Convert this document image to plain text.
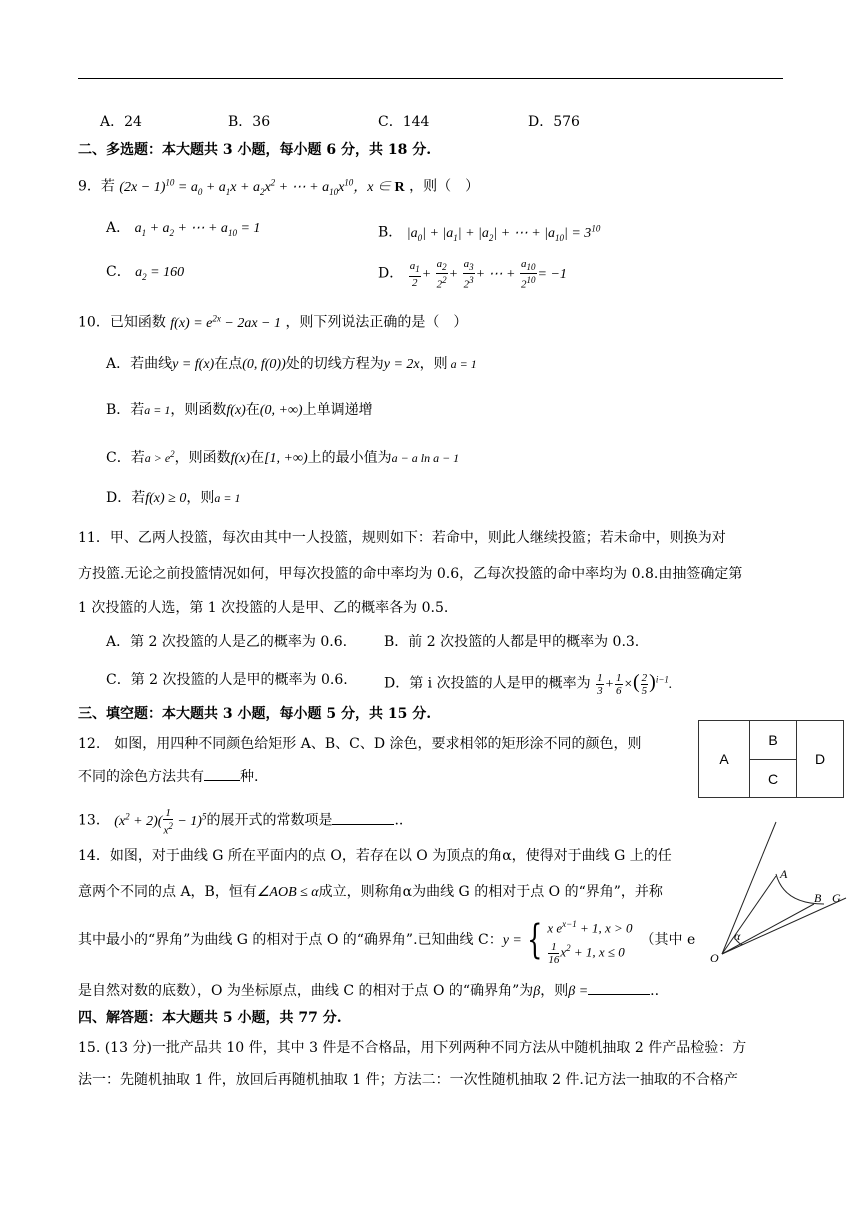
A．24	B．36	C．144	D．576
二、多选题：本大题共 3 小题，每小题 6 分，共 18 分.
9．若 $(2x - 1)^{10} = a_0 + a_1x + a_2x^2$ + ⋯ + $a_{10}x^{10}$，x ∈ R ，则（　）
A． $a_1 + a_2$ + ⋯ + $a_{10} = 1$	B． $|a_0| + |a_1| + |a_2|$ + ⋯ + $|a_{10}| = 3^{10}$
C． $a_2 = 160$	D． $\frac{a_1}{2} + \frac{a_2}{2^2} + \frac{a_3}{2^3}$ + ⋯ + $\frac{a_{10}}{2^{10}} = -1$
10．已知函数 $f(x) = e^{2x} - 2ax - 1$ ，则下列说法正确的是（　）
A．若曲线y = f(x)在点(0, f(0))处的切线方程为y = 2x，则 a = 1
B．若a = 1，则函数f(x)在(0, +∞)上单调递增
C．若$a > e^2$，则函数f(x)在[1, +∞)上的最小值为a − a ln a − 1
D．若f(x) ≥ 0，则a = 1
11．甲、乙两人投篮，每次由其中一人投篮，规则如下：若命中，则此人继续投篮；若未命中，则换为对
方投篮.无论之前投篮情况如何，甲每次投篮的命中率均为 0.6，乙每次投篮的命中率均为 0.8.由抽签确定第
1 次投篮的人选，第 1 次投篮的人是甲、乙的概率各为 0.5.
A．第 2 次投篮的人是乙的概率为 0.6.	B．前 2 次投篮的人都是甲的概率为 0.3.
C．第 2 次投篮的人是甲的概率为 0.6.	D．第 i 次投篮的人是甲的概率为 $\frac{1}{3} + \frac{1}{6}$ ×( $\frac{2}{5} )^{i-1}$.
三、填空题：本大题共 3 小题，每小题 5 分，共 15 分.
12.　如图，用四种不同颜色给矩形 A、B、C、D 涂色，要求相邻的矩形涂不同的颜色，则
不同的涂色方法共有	种.
A
B
C
D
13． $(x^2 + 2)( \frac{1}{x^2} - 1)^5$的展开式的常数项是	..
14．如图，对于曲线 G 所在平面内的点 O，若存在以 O 为顶点的角α，使得对于曲线 G 上的任
意两个不同的点 A，B，恒有∠AOB ≤ α成立，则称角α为曲线 G 的相对于点 O 的“界角”，并称
其中最小的“界角”为曲线 G 的相对于点 O 的“确界角”.已知曲线 C：y = { x $e^{x-1} + 1$, x > 0

$\frac{1}{16} x^2 + 1$, x ≤ 0（其中 e
是自然对数的底数），O 为坐标原点，曲线 C 的相对于点 O 的“确界角”为β，则β =	..
A
B G
α
O
四、解答题：本大题共 5 小题，共 77 分.
15. (13 分)一批产品共 10 件，其中 3 件是不合格品，用下列两种不同方法从中随机抽取 2 件产品检验：方
法一：先随机抽取 1 件，放回后再随机抽取 1 件；方法二：一次性随机抽取 2 件.记方法一抽取的不合格产
